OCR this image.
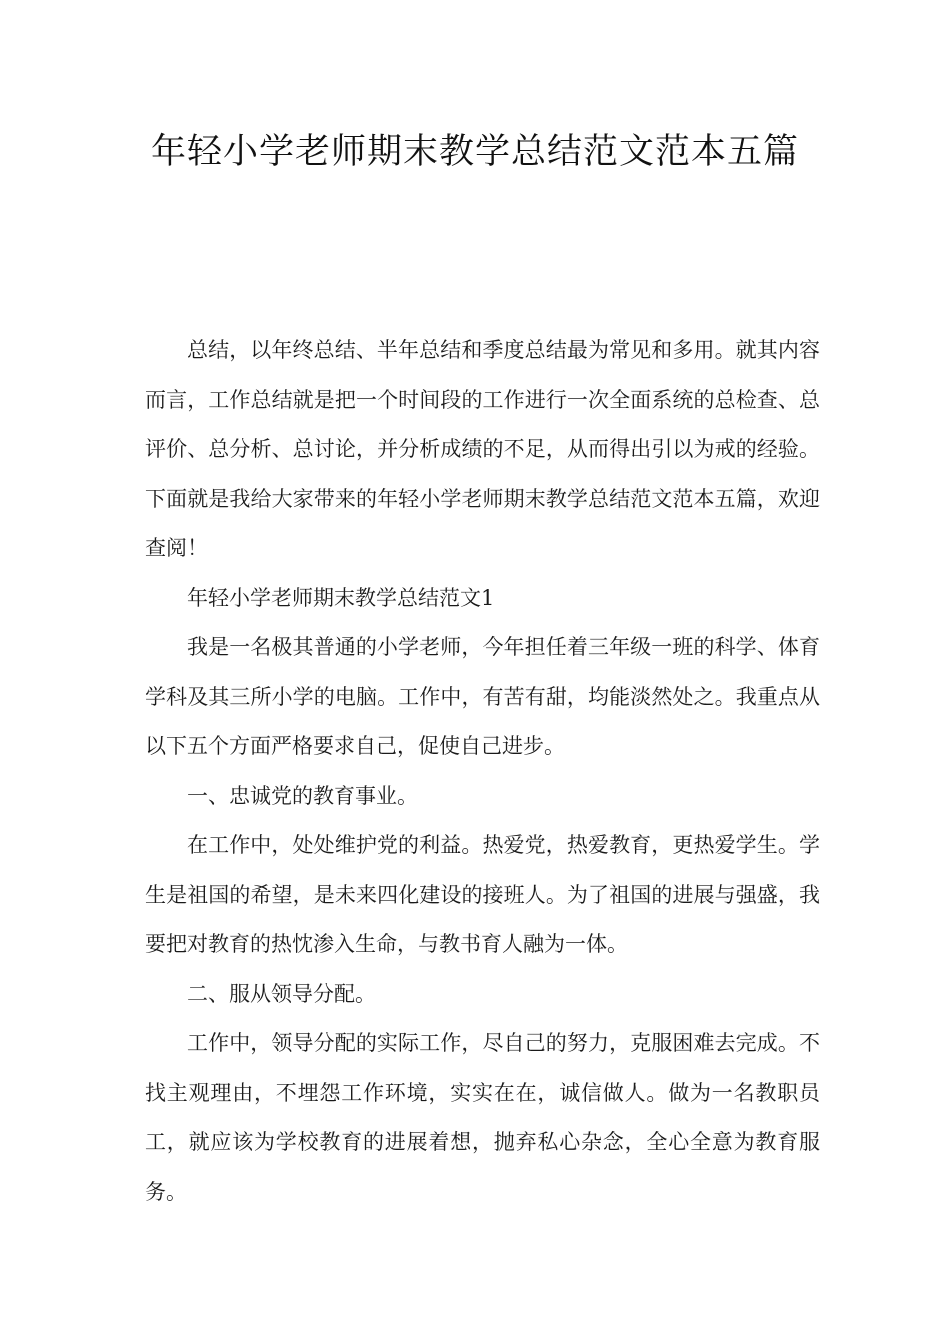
年轻小学老师期末教学总结范文范本五篇

总结，以年终总结、半年总结和季度总结最为常见和多用。就其内容而言，工作总结就是把一个时间段的工作进行一次全面系统的总检查、总评价、总分析、总讨论，并分析成绩的不足，从而得出引以为戒的经验。下面就是我给大家带来的年轻小学老师期末教学总结范文范本五篇，欢迎查阅！

年轻小学老师期末教学总结范文1

我是一名极其普通的小学老师，今年担任着三年级一班的科学、体育学科及其三所小学的电脑。工作中，有苦有甜，均能淡然处之。我重点从以下五个方面严格要求自己，促使自己进步。

一、忠诚党的教育事业。

在工作中，处处维护党的利益。热爱党，热爱教育，更热爱学生。学生是祖国的希望，是未来四化建设的接班人。为了祖国的进展与强盛，我要把对教育的热忱渗入生命，与教书育人融为一体。

二、服从领导分配。

工作中，领导分配的实际工作，尽自己的努力，克服困难去完成。不找主观理由，不埋怨工作环境，实实在在，诚信做人。做为一名教职员工，就应该为学校教育的进展着想，抛弃私心杂念，全心全意为教育服务。
